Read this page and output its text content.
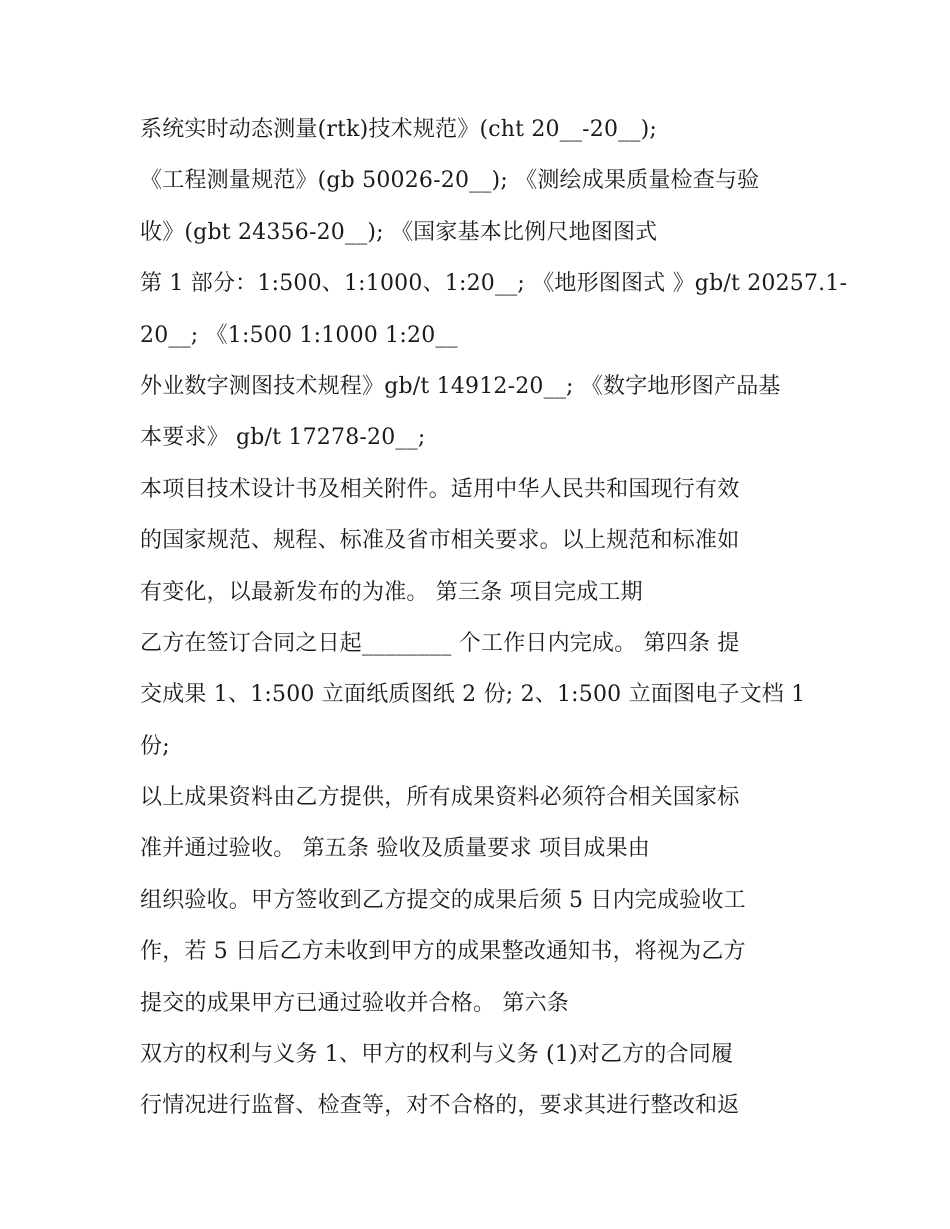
系统实时动态测量(rtk)技术规范》(cht 20__-20__);
《工程测量规范》(gb 50026-20__); 《测绘成果质量检查与验
收》(gbt 24356-20__); 《国家基本比例尺地图图式
第 1 部分：1:500、1:1000、1:20__; 《地形图图式 》gb/t 20257.1-
20__; 《1:500 1:1000 1:20__
外业数字测图技术规程》gb/t 14912-20__; 《数字地形图产品基
本要求》 gb/t 17278-20__;
本项目技术设计书及相关附件。适用中华人民共和国现行有效
的国家规范、规程、标准及省市相关要求。以上规范和标准如
有变化，以最新发布的为准。 第三条 项目完成工期
乙方在签订合同之日起________ 个工作日内完成。 第四条 提
交成果 1、1:500 立面纸质图纸 2 份; 2、1:500 立面图电子文档 1
份;
以上成果资料由乙方提供，所有成果资料必须符合相关国家标
准并通过验收。 第五条 验收及质量要求 项目成果由
组织验收。甲方签收到乙方提交的成果后须 5 日内完成验收工
作，若 5 日后乙方未收到甲方的成果整改通知书，将视为乙方
提交的成果甲方已通过验收并合格。 第六条
双方的权利与义务 1、甲方的权利与义务 (1)对乙方的合同履
行情况进行监督、检查等，对不合格的，要求其进行整改和返
